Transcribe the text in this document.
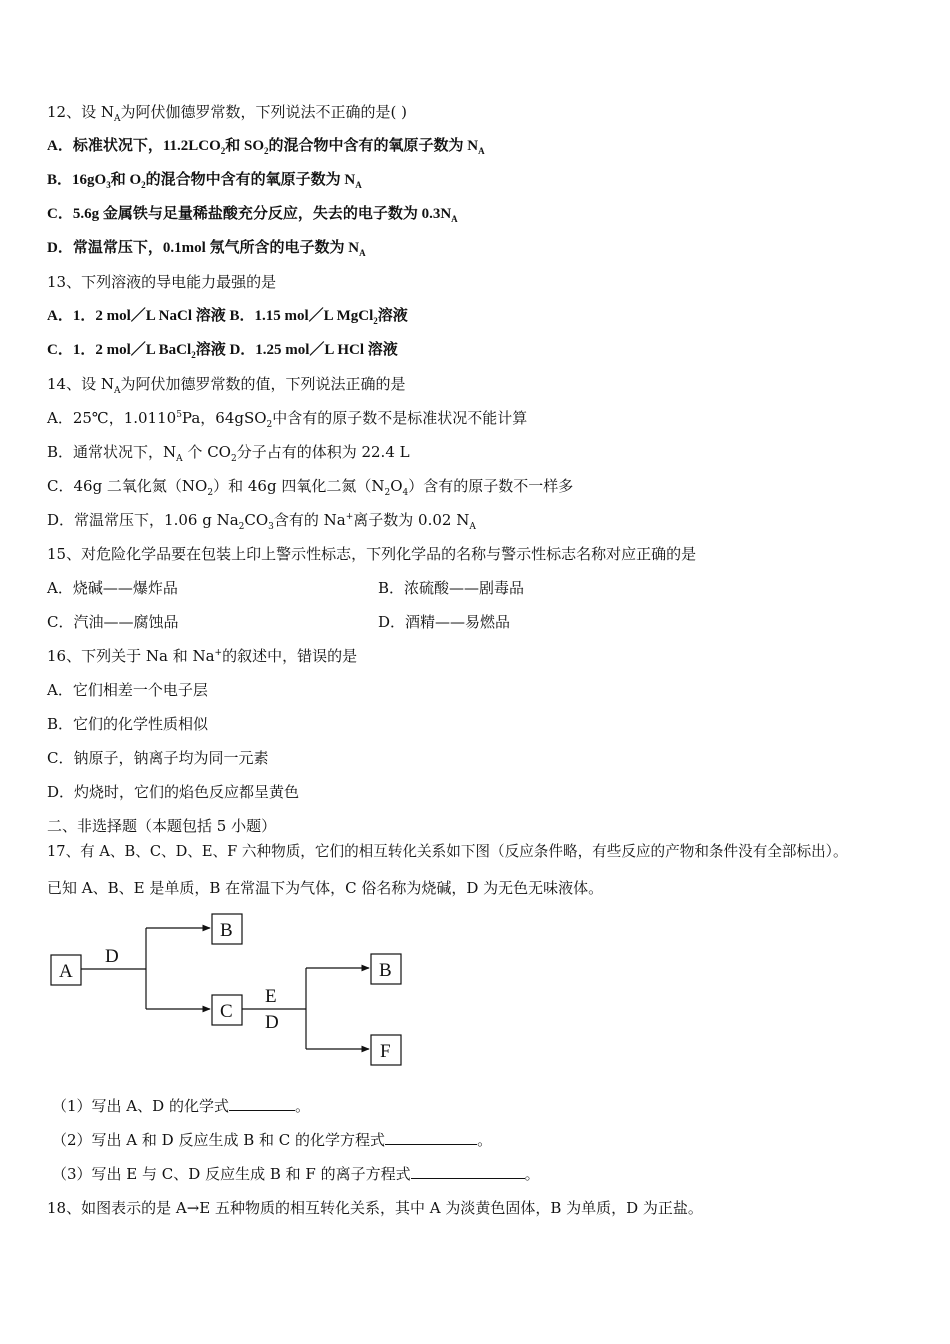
12、设 $N_A$为阿伏伽德罗常数，下列说法不正确的是( )
A．标准状况下，$11.2LCO_2$和 $SO_2$的混合物中含有的氧原子数为 $N_A$
B．$16gO_3$和 $O_2$的混合物中含有的氧原子数为 $N_A$
C．5.6g 金属铁与足量稀盐酸充分反应，失去的电子数为 $0.3N_A$
D．常温常压下，0.1mol 氖气所含的电子数为 $N_A$
13、下列溶液的导电能力最强的是
A．1．2 mol／L NaCl 溶液 B．1.15 mol／L MgCl$_2$溶液
C．1．2 mol／L BaCl$_2$溶液 D．1.25 mol／L HCl 溶液
14、设 $N_A$为阿伏加德罗常数的值，下列说法正确的是
A．25℃，1.0110$^5$Pa，64gSO$_2$中含有的原子数不是标准状况不能计算
B．通常状况下，$N_A$ 个 $CO_2$分子占有的体积为 22.4 L
C．46g 二氧化氮$(NO_2)$和 46g 四氧化二氮$(N_2O_4)$含有的原子数不一样多
D．常温常压下，1.06 g $Na_2CO_3$含有的 Na+离子数为 0.02 $N_A$
15、对危险化学品要在包装上印上警示性标志，下列化学品的名称与警示性标志名称对应正确的是
A．烧碱——爆炸品	B．浓硫酸——剧毒品
C．汽油——腐蚀品	D．酒精——易燃品
16、下列关于 Na 和 Na+的叙述中，错误的是
A．它们相差一个电子层
B．它们的化学性质相似
C．钠原子，钠离子均为同一元素
D．灼烧时，它们的焰色反应都呈黄色
二、非选择题（本题包括 5 小题）
17、有 A、B、C、D、E、F 六种物质，它们的相互转化关系如下图（反应条件略，有些反应的产物和条件没有全部标出）。
已知 A、B、E 是单质，B 在常温下为气体，C 俗名称为烧碱，D 为无色无味液体。
A
B
C
B
F
D
E
D
（1）写出 A、D 的化学式	。
（2）写出 A 和 D 反应生成 B 和 C 的化学方程式	。
（3）写出 E 与 C、D 反应生成 B 和 F 的离子方程式	。
18、如图表示的是 A→E 五种物质的相互转化关系，其中 A 为淡黄色固体，B 为单质，D 为正盐。
